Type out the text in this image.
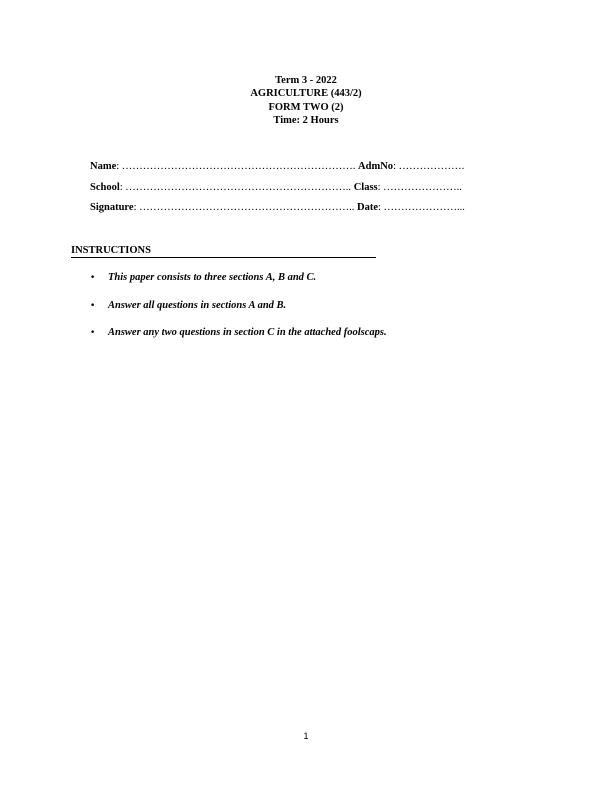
Term 3 - 2022
AGRICULTURE (443/2)
FORM TWO (2)
Time: 2 Hours
Name: …………………………………………………………. AdmNo: ……………….
School: ……………………………………………………….. Class: …………………..
Signature: …………………………………………………….. Date: …………………...
INSTRUCTIONS
• This paper consists to three sections A, B and C.
• Answer all questions in sections A and B.
• Answer any two questions in section C in the attached foolscaps.
1
